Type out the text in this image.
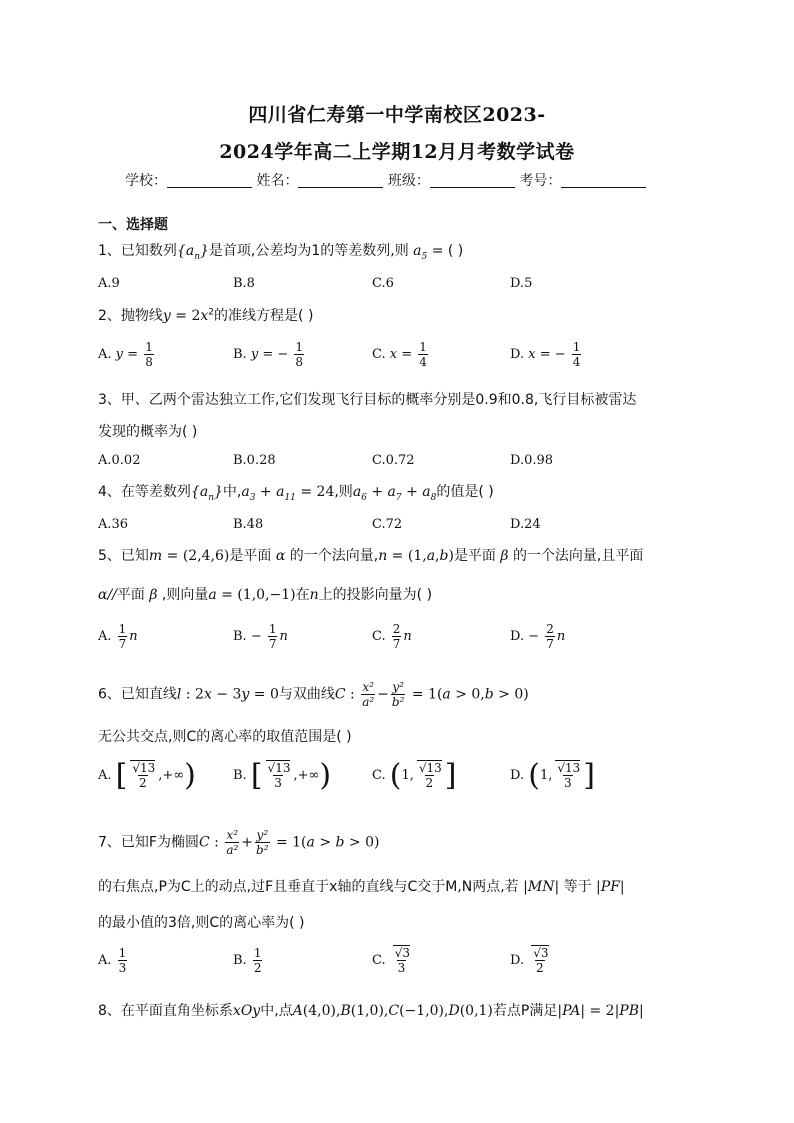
四川省仁寿第一中学南校区2023-
2024学年高二上学期12月月考数学试卷
学校：	姓名：	班级：	考号：
一、选择题
1、已知数列$\{a_n\}$是首项,公差均为1的等差数列,则 $a_5$ = ( )
A.9	B.8	C.6	D.5
2、抛物线$y = 2x^2$的准线方程是( )
A. $y = \frac{1}{8}$	B. y = − $\frac{1}{8}$	C. $x = \frac{1}{4}$	D. x = − $\frac{1}{4}$
3、甲、乙两个雷达独立工作,它们发现飞行目标的概率分别是0.9和0.8,飞行目标被雷达
发现的概率为( )
A.0.02	B.0.28	C.0.72	D.0.98
4、在等差数列$\{a_n\}$中$,a_3 + a_{11} = 24$,则$a_6 + a_7 + a_8$的值是( )
A.36	B.48	C.72	D.24
5、已知m = (2,4,6)是平面 α 的一个法向量,n = (1,a,b)是平面 β 的一个法向量,且平面
α//平面 β ,则向量a = (1,0,−1)在n上的投影向量为( )
A. $\frac{1}{7}$ n	B. − $\frac{1}{7}$ n	C. $\frac{2}{7}$ n	D. − $\frac{2}{7}$ n
6、已知直线l : 2x − 3y = 0与双曲线C : $\frac{\text{x²}}{\text{a²}} - \frac{\text{y²}}{\text{b²}} = 1(a > 0,b > 0)$
无公共交点,则C的离心率的取值范围是( )
A. [ $\frac{√13}{2}$ ,+∞)	B. [ $\frac{√13}{3}$ ,+∞)	C. (1, $\frac{√13}{2}$ ]	D. (1, $\frac{√13}{3}$ ]
7、已知F为椭圆C : $\frac{\text{x²}}{\text{a²}} + \frac{\text{y²}}{\text{b²}} = 1(a > b > 0)$
的右焦点,P为C上的动点,过F且垂直于x轴的直线与C交于M,N两点,若 |MN| 等于 |PF|
的最小值的3倍,则C的离心率为( )
A. $\frac{1}{3}$	B. $\frac{1}{2}$	C. $\frac{√3}{3}$	D. $\frac{√3}{2}$
8、在平面直角坐标系xOy中,点A(4,0),B(1,0),C(−1,0),D(0,1)若点P满足|PA| = 2|PB|
